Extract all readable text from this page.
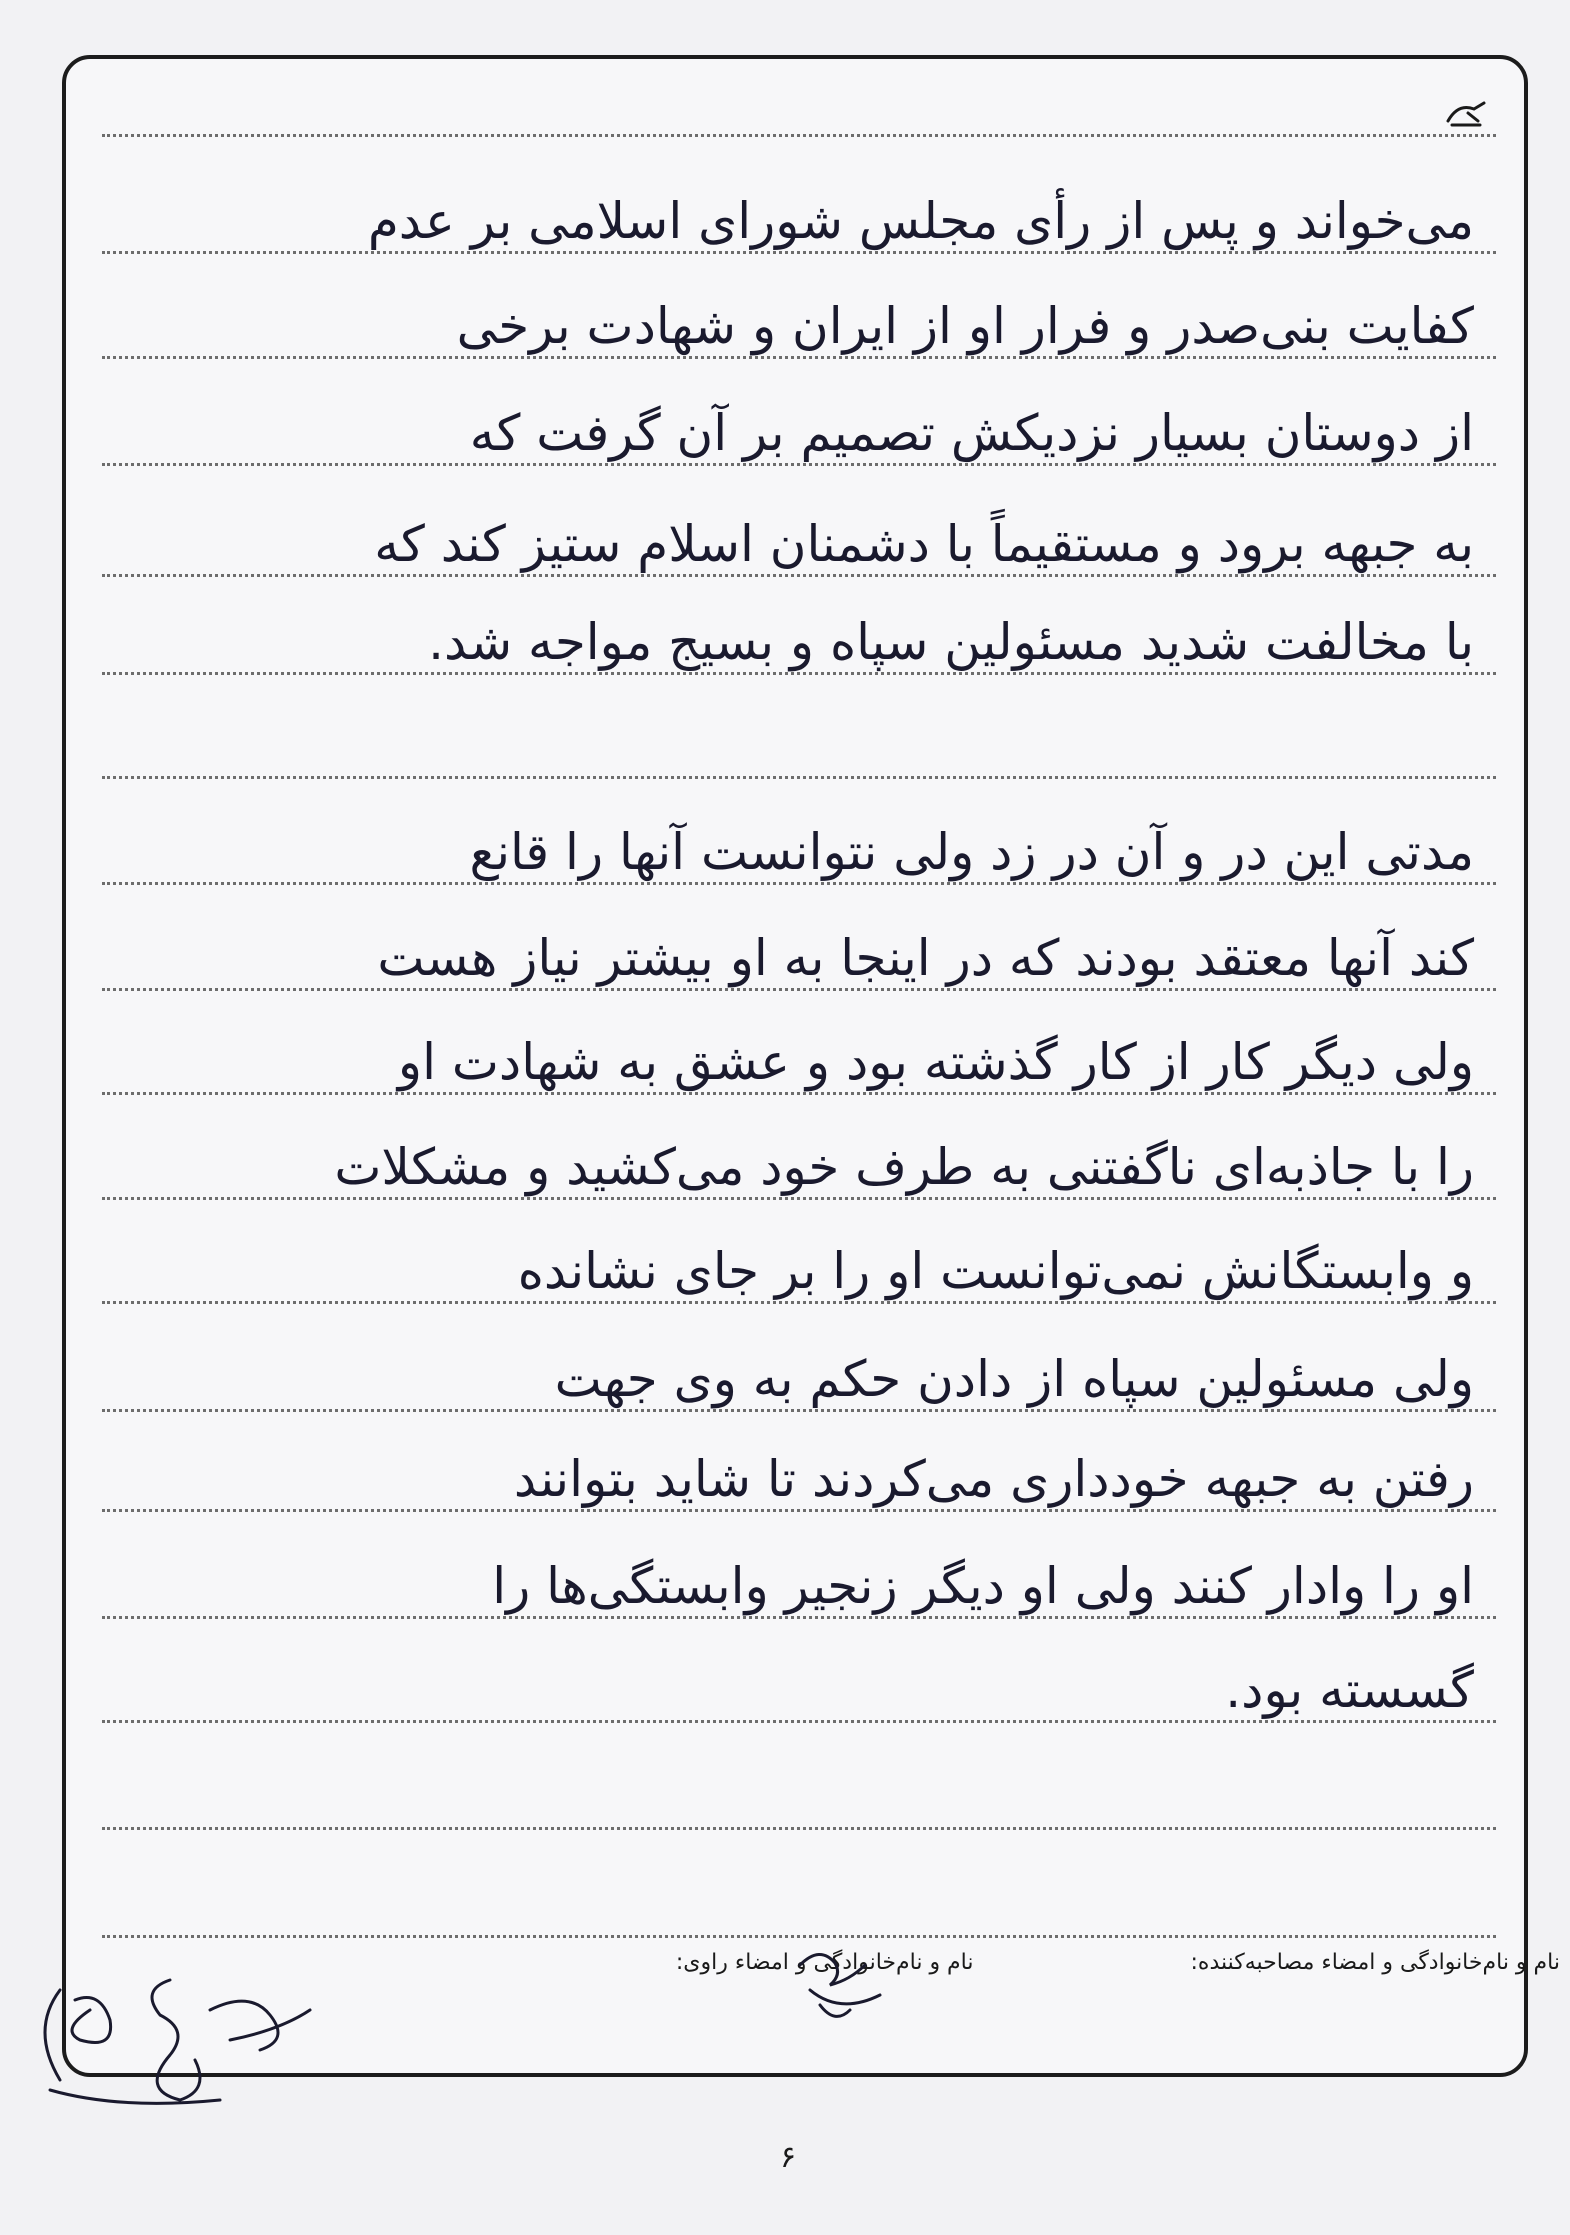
می‌خواند و پس از رأی مجلس شورای اسلامی بر عدم
کفایت بنی‌صدر و فرار او از ایران و شهادت برخی
از دوستان بسیار نزدیکش تصمیم بر آن گرفت که
به جبهه برود و مستقیماً با دشمنان اسلام ستیز کند که
با مخالفت شدید مسئولین سپاه و بسیج مواجه شد.
مدتی این در و آن در زد ولی نتوانست آنها را قانع
کند آنها معتقد بودند که در اینجا به او بیشتر نیاز هست
ولی دیگر کار از کار گذشته بود و عشق به شهادت او
را با جاذبه‌ای ناگفتنی به طرف خود می‌کشید و مشکلات
و وابستگانش نمی‌توانست او را بر جای نشانده
ولی مسئولین سپاه از دادن حکم به وی جهت
رفتن به جبهه خودداری می‌کردند تا شاید بتوانند
او را وادار کنند ولی او دیگر زنجیر وابستگی‌ها را
گسسته بود.
نام و نام‌خانوادگی و امضاء مصاحبه‌کننده: نام و نام‌خانوادگی و امضاء راوی:
۶
